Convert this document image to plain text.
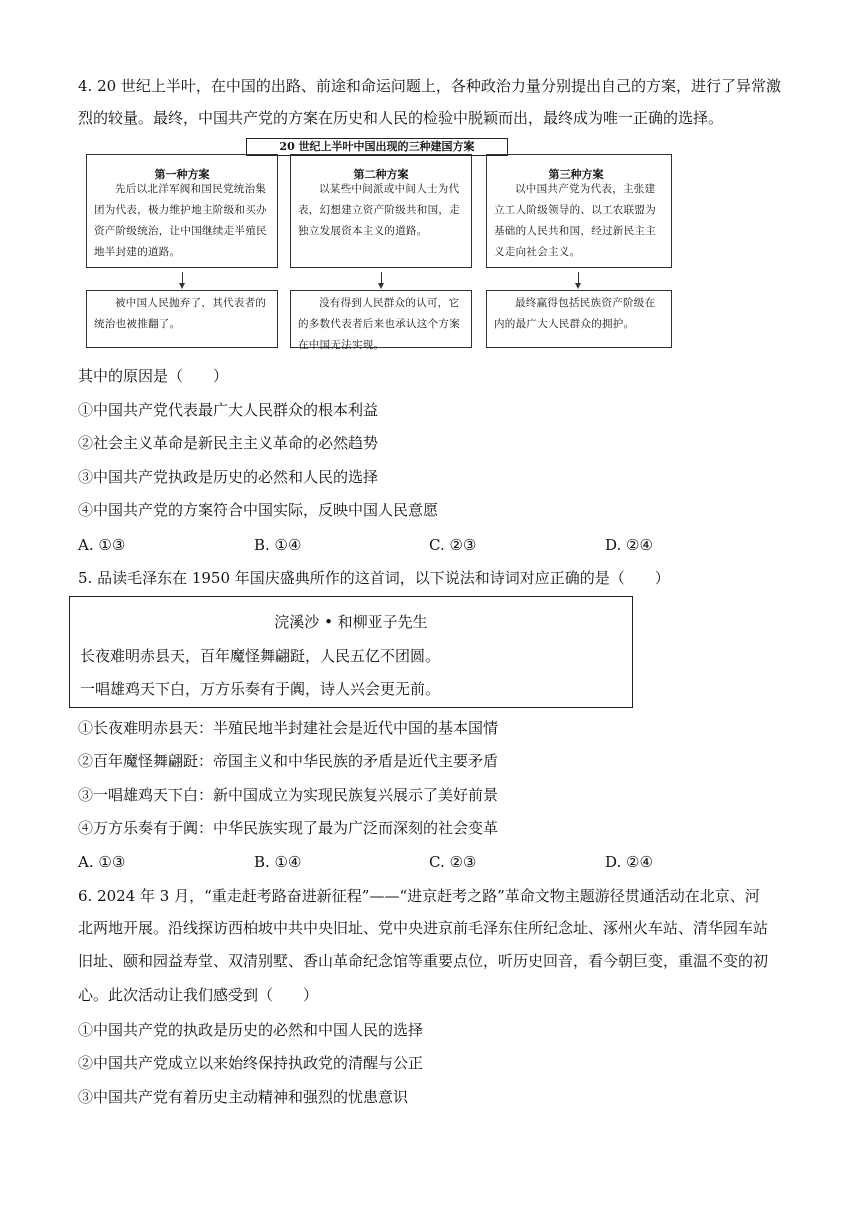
4. 20 世纪上半叶，在中国的出路、前途和命运问题上，各种政治力量分别提出自己的方案，进行了异常激
烈的较量。最终，中国共产党的方案在历史和人民的检验中脱颖而出，最终成为唯一正确的选择。
20 世纪上半叶中国出现的三种建国方案
第一种方案
先后以北洋军阀和国民党统治集团为代表，极力维护地主阶级和买办资产阶级统治，让中国继续走半殖民地半封建的道路。
被中国人民抛弃了，其代表者的统治也被推翻了。
第二种方案
以某些中间派或中间人士为代表，幻想建立资产阶级共和国，走独立发展资本主义的道路。
没有得到人民群众的认可，它的多数代表者后来也承认这个方案在中国无法实现。
第三种方案
以中国共产党为代表，主张建立工人阶级领导的、以工农联盟为基础的人民共和国，经过新民主主义走向社会主义。
最终赢得包括民族资产阶级在内的最广大人民群众的拥护。
其中的原因是（　　）
①中国共产党代表最广大人民群众的根本利益
②社会主义革命是新民主主义革命的必然趋势
③中国共产党执政是历史的必然和人民的选择
④中国共产党的方案符合中国实际，反映中国人民意愿
A. ①③	B. ①④	C. ②③	D. ②④
5. 品读毛泽东在 1950 年国庆盛典所作的这首词，以下说法和诗词对应正确的是（　　）
浣溪沙 • 和柳亚子先生
长夜难明赤县天，百年魔怪舞翩跹，人民五亿不团圆。
一唱雄鸡天下白，万方乐奏有于阗，诗人兴会更无前。
①长夜难明赤县天：半殖民地半封建社会是近代中国的基本国情
②百年魔怪舞翩跹：帝国主义和中华民族的矛盾是近代主要矛盾
③一唱雄鸡天下白：新中国成立为实现民族复兴展示了美好前景
④万方乐奏有于阗：中华民族实现了最为广泛而深刻的社会变革
A. ①③	B. ①④	C. ②③	D. ②④
6. 2024 年 3 月，“重走赶考路奋进新征程”——“进京赶考之路”革命文物主题游径贯通活动在北京、河
北两地开展。沿线探访西柏坡中共中央旧址、党中央进京前毛泽东住所纪念址、涿州火车站、清华园车站
旧址、颐和园益寿堂、双清别墅、香山革命纪念馆等重要点位，听历史回音，看今朝巨变，重温不变的初
心。此次活动让我们感受到（　　）
①中国共产党的执政是历史的必然和中国人民的选择
②中国共产党成立以来始终保持执政党的清醒与公正
③中国共产党有着历史主动精神和强烈的忧患意识
